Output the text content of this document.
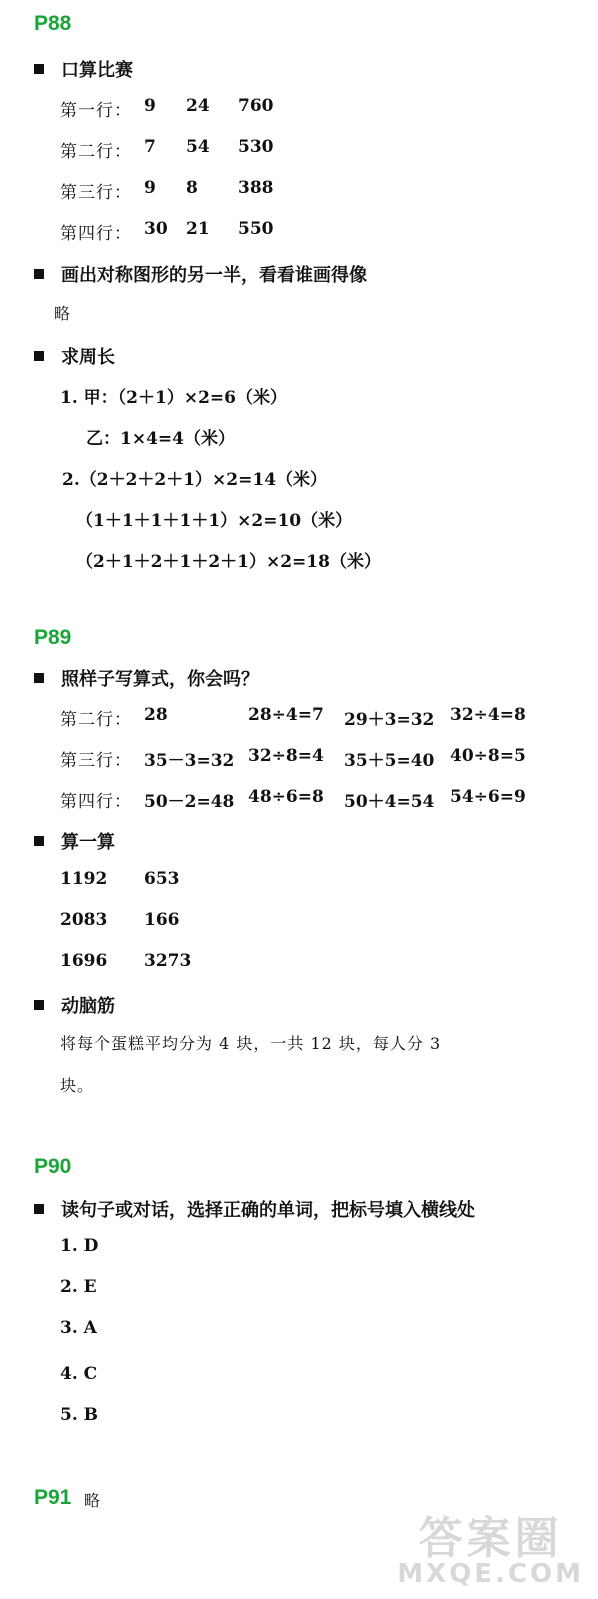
P88
口算比赛
第一行： 9 24 760
第二行： 7 54 530
第三行： 9 8 388
第四行： 30 21 550
画出对称图形的另一半，看看谁画得像
略
求周长
1. 甲：（2＋1）×2=6（米）
乙：1×4=4（米）
2.（2＋2＋2＋1）×2=14（米）
（1＋1＋1＋1＋1）×2=10（米）
（2＋1＋2＋1＋2＋1）×2=18（米）
P89
照样子写算式，你会吗？
第二行： 28	28÷4=7 29＋3=32 32÷4=8
第三行： 35－3=32 32÷8=4 35＋5=40 40÷8=5
第四行： 50－2=48 48÷6=8 50＋4=54 54÷6=9
算一算
1192 653
2083 166
1696 3273
动脑筋
将每个蛋糕平均分为 4 块，一共 12 块，每人分 3
块。
P90
读句子或对话，选择正确的单词，把标号填入横线处
1. D
2. E
3. A
4. C
5. B
P91 略
答案圈
MXQE.COM
